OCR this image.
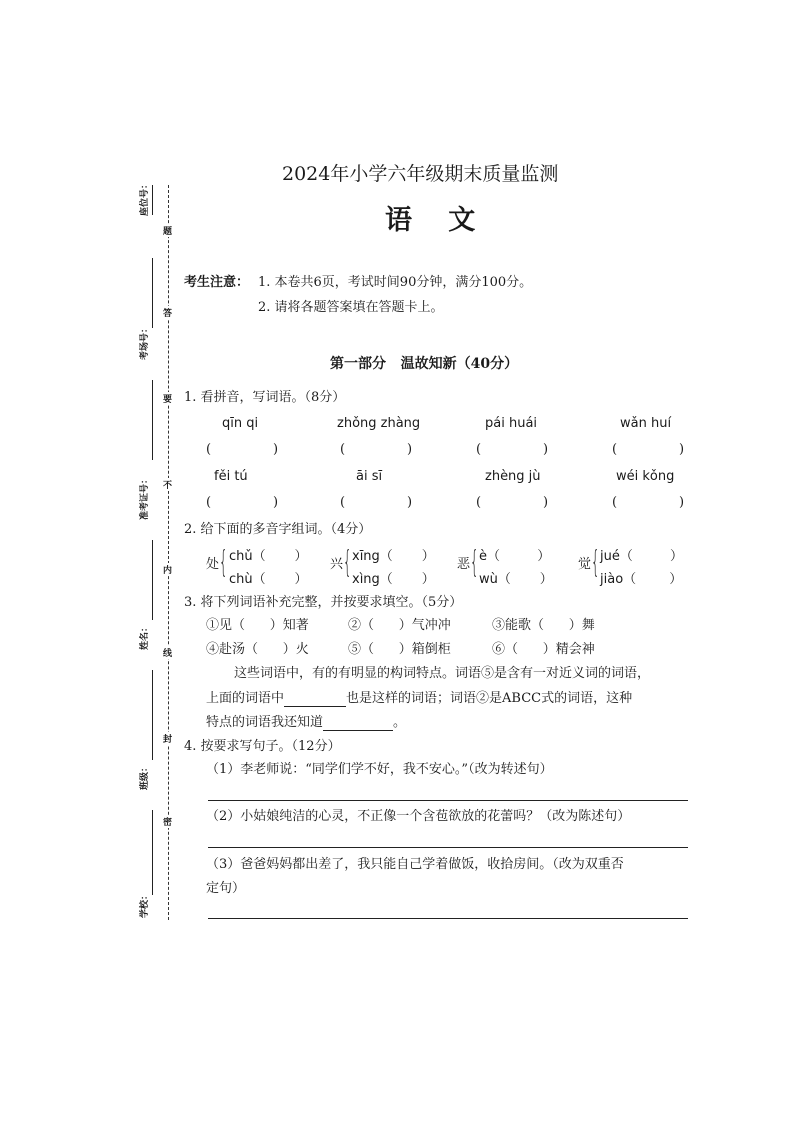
座位号：
考场号：
准考证号：
姓名：
班级：
学校：
题
答
要
不
内
线
封
密
2024年小学六年级期末质量监测
语   文
考生注意： 1. 本卷共6页，考试时间90分钟，满分100分。
2. 请将各题答案填在答题卡上。
第一部分   温故知新（40分）
1. 看拼音，写词语。（8分）
qīn qi	zhǒng zhàng	pái huái	wǎn huí
(               )	(               )	(               )	(               )
fěi tú	āi sī	zhèng jù	wéi kǒng
(               )	(               )	(               )	(               )
2. 给下面的多音字组词。（4分）
处 { chǔ（       ）
chù（       ）
兴 { xīng（       ）
xìng（       ）
恶 { è（         ）
wù（       ）
觉 { jué（         ）
jiào（        ）
3. 将下列词语补充完整，并按要求填空。（5分）
①见（      ）知著	②（      ）气冲冲	③能歌（      ）舞
④赴汤（      ）火	⑤（      ）箱倒柜	⑥（      ）精会神
这些词语中，有的有明显的构词特点。词语⑤是含有一对近义词的词语，
上面的词语中	也是这样的词语；词语②是ABCC式的词语，这种
特点的词语我还知道	。
4. 按要求写句子。（12分）
（1）李老师说：“同学们学不好，我不安心。”（改为转述句）
（2）小姑娘纯洁的心灵，不正像一个含苞欲放的花蕾吗？（改为陈述句）
（3）爸爸妈妈都出差了，我只能自己学着做饭，收拾房间。（改为双重否
定句）
